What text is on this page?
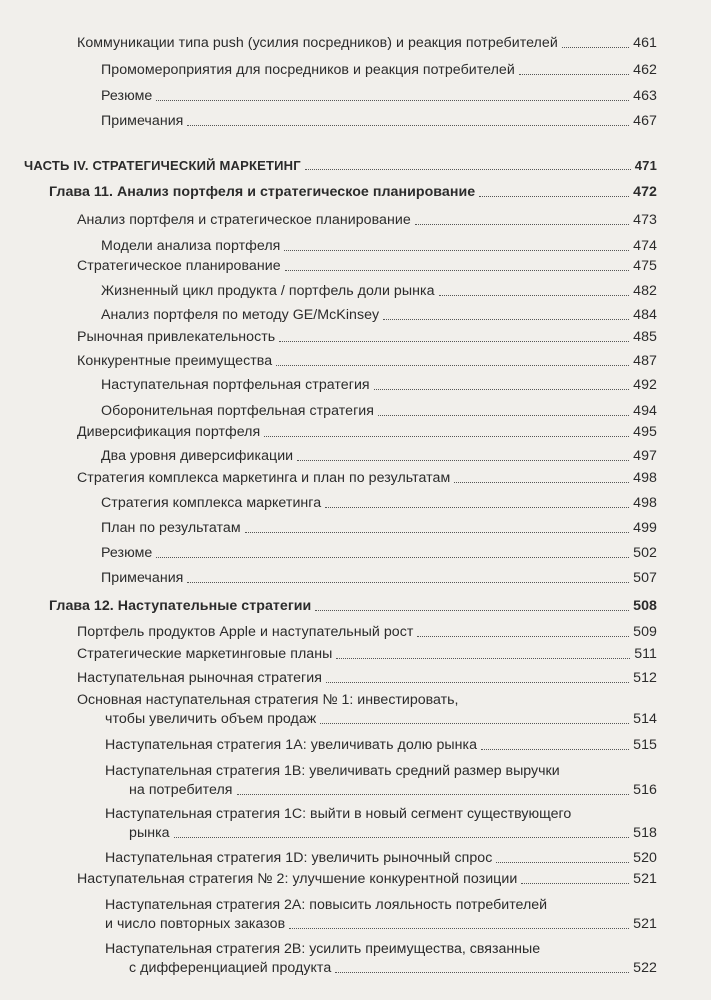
Коммуникации типа push (усилия посредников) и реакция потребителей	461
Промомероприятия для посредников и реакция потребителей	462
Резюме	463
Примечания	467
ЧАСТЬ IV. СТРАТЕГИЧЕСКИЙ МАРКЕТИНГ	471
Глава 11. Анализ портфеля и стратегическое планирование	472
Анализ портфеля и стратегическое планирование	473
Модели анализа портфеля	474
Стратегическое планирование	475
Жизненный цикл продукта / портфель доли рынка	482
Анализ портфеля по методу GE/McKinsey	484
Рыночная привлекательность	485
Конкурентные преимущества	487
Наступательная портфельная стратегия	492
Оборонительная портфельная стратегия	494
Диверсификация портфеля	495
Два уровня диверсификации	497
Стратегия комплекса маркетинга и план по результатам	498
Стратегия комплекса маркетинга	498
План по результатам	499
Резюме	502
Примечания	507
Глава 12. Наступательные стратегии	508
Портфель продуктов Apple и наступательный рост	509
Стратегические маркетинговые планы	511
Наступательная рыночная стратегия	512
Основная наступательная стратегия № 1: инвестировать,
чтобы увеличить объем продаж	514
Наступательная стратегия 1А: увеличивать долю рынка	515
Наступательная стратегия 1В: увеличивать средний размер выручки
на потребителя	516
Наступательная стратегия 1С: выйти в новый сегмент существующего
рынка	518
Наступательная стратегия 1D: увеличить рыночный спрос	520
Наступательная стратегия № 2: улучшение конкурентной позиции	521
Наступательная стратегия 2А: повысить лояльность потребителей
и число повторных заказов	521
Наступательная стратегия 2В: усилить преимущества, связанные
с дифференциацией продукта	522
